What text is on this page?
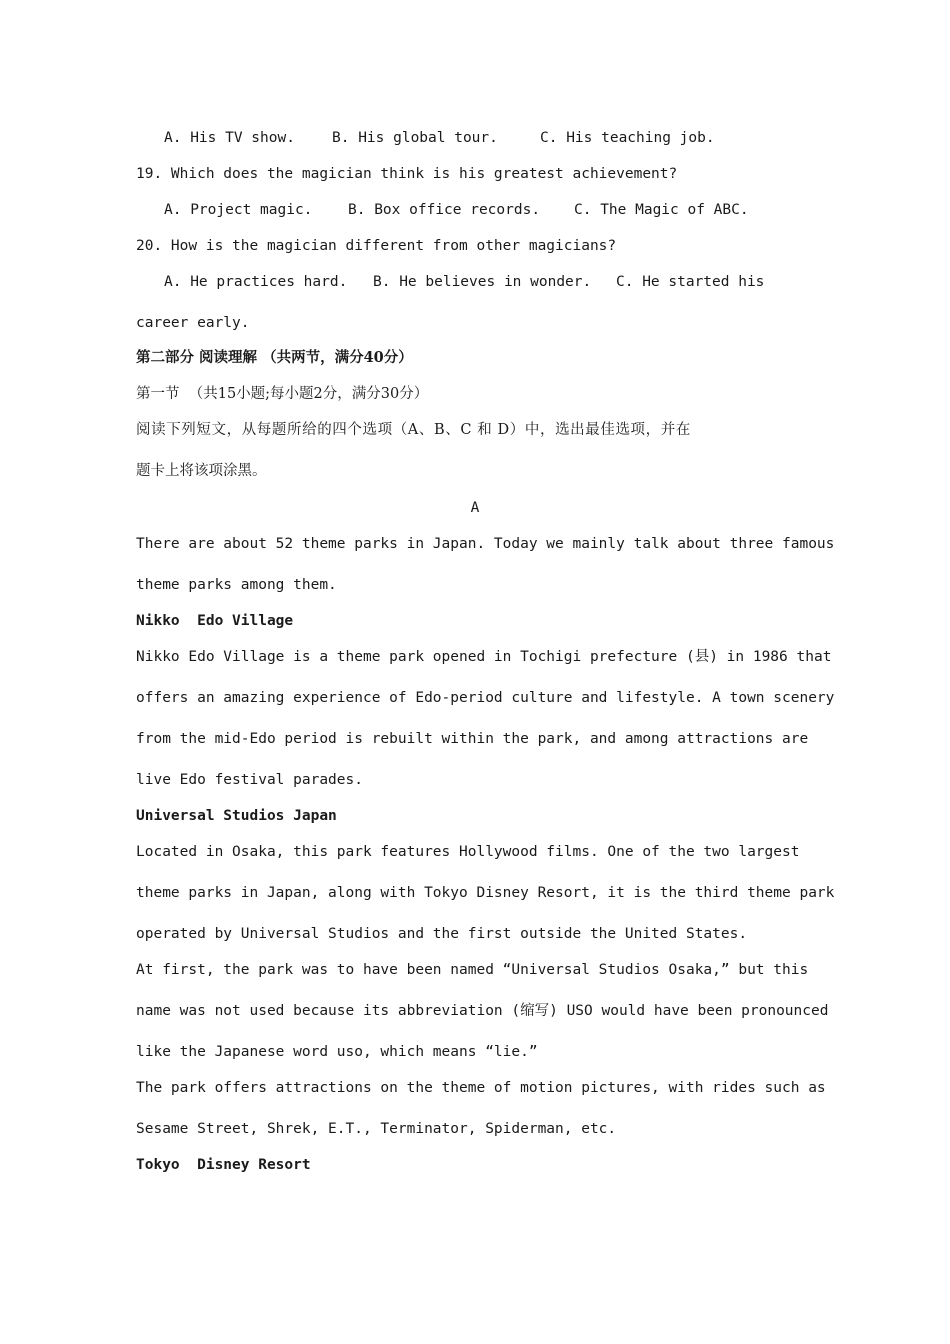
A. His TV show.	B. His global tour.	C. His teaching job.

19. Which does the magician think is his greatest achievement?

A. Project magic. B. Box office records. C. The Magic of ABC.

20. How is the magician different from other magicians?

A. He practices hard. B. He believes in wonder. C. He started his

career early.

第二部分 阅读理解 （共两节，满分40分）

第一节  （共15小题;每小题2分，满分30分）

阅读下列短文，从每题所给的四个选项（A、B、C 和 D）中，选出最佳选项，并在

题卡上将该项涂黑。

A

There are about 52 theme parks in Japan. Today we mainly talk about three famous

theme parks among them.

Nikko  Edo Village

Nikko Edo Village is a theme park opened in Tochigi prefecture (县) in 1986 that

offers an amazing experience of Edo-period culture and lifestyle. A town scenery

from the mid-Edo period is rebuilt within the park, and among attractions are

live Edo festival parades.

Universal Studios Japan

Located in Osaka, this park features Hollywood films. One of the two largest

theme parks in Japan, along with Tokyo Disney Resort, it is the third theme park

operated by Universal Studios and the first outside the United States.

At first, the park was to have been named “Universal Studios Osaka,” but this

name was not used because its abbreviation (缩写) USO would have been pronounced

like the Japanese word uso, which means “lie.”

The park offers attractions on the theme of motion pictures, with rides such as

Sesame Street, Shrek, E.T., Terminator, Spiderman, etc.

Tokyo  Disney Resort
